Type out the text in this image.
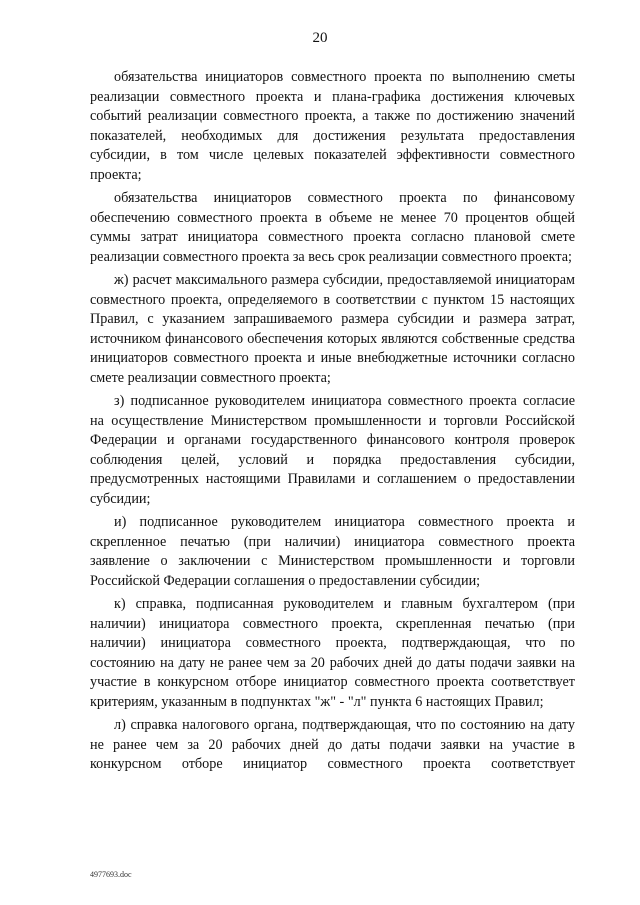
20

обязательства инициаторов совместного проекта по выполнению сметы реализации совместного проекта и плана-графика достижения ключевых событий реализации совместного проекта, а также по достижению значений показателей, необходимых для достижения результата предоставления субсидии, в том числе целевых показателей эффективности совместного проекта;

обязательства инициаторов совместного проекта по финансовому обеспечению совместного проекта в объеме не менее 70 процентов общей суммы затрат инициатора совместного проекта согласно плановой смете реализации совместного проекта за весь срок реализации совместного проекта;

ж) расчет максимального размера субсидии, предоставляемой инициаторам совместного проекта, определяемого в соответствии с пунктом 15 настоящих Правил, с указанием запрашиваемого размера субсидии и размера затрат, источником финансового обеспечения которых являются собственные средства инициаторов совместного проекта и иные внебюджетные источники согласно смете реализации совместного проекта;

з) подписанное руководителем инициатора совместного проекта согласие на осуществление Министерством промышленности и торговли Российской Федерации и органами государственного финансового контроля проверок соблюдения целей, условий и порядка предоставления субсидии, предусмотренных настоящими Правилами и соглашением о предоставлении субсидии;

и) подписанное руководителем инициатора совместного проекта и скрепленное печатью (при наличии) инициатора совместного проекта заявление о заключении с Министерством промышленности и торговли Российской Федерации соглашения о предоставлении субсидии;

к) справка, подписанная руководителем и главным бухгалтером (при наличии) инициатора совместного проекта, скрепленная печатью (при наличии) инициатора совместного проекта, подтверждающая, что по состоянию на дату не ранее чем за 20 рабочих дней до даты подачи заявки на участие в конкурсном отборе инициатор совместного проекта соответствует критериям, указанным в подпунктах "ж" - "л" пункта 6 настоящих Правил;

л) справка налогового органа, подтверждающая, что по состоянию на дату не ранее чем за 20 рабочих дней до даты подачи заявки на участие в конкурсном отборе инициатор совместного проекта соответствует

4977693.doc
